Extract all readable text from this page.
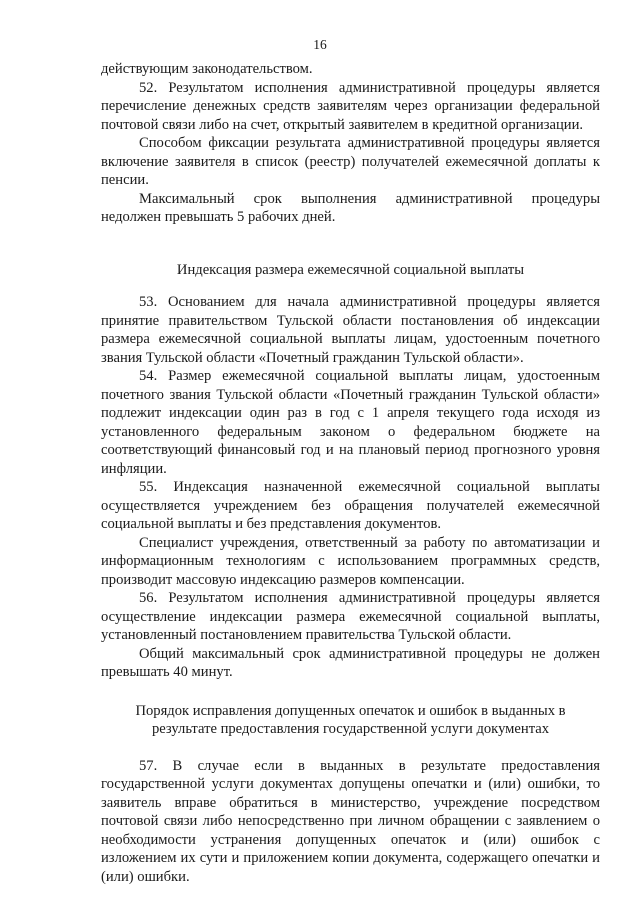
16

действующим законодательством.

52. Результатом исполнения административной процедуры является перечисление денежных средств заявителям через организации федеральной почтовой связи либо на счет, открытый заявителем в кредитной организации.

Способом фиксации результата административной процедуры является включение заявителя в список (реестр) получателей ежемесячной доплаты к пенсии.

Максимальный срок выполнения административной процедуры недолжен превышать 5 рабочих дней.

Индексация размера ежемесячной социальной выплаты

53. Основанием для начала административной процедуры является принятие правительством Тульской области постановления об индексации размера ежемесячной социальной выплаты лицам, удостоенным почетного звания Тульской области «Почетный гражданин Тульской области».

54. Размер ежемесячной социальной выплаты лицам, удостоенным почетного звания Тульской области «Почетный гражданин Тульской области» подлежит индексации один раз в год с 1 апреля текущего года исходя из установленного федеральным законом о федеральном бюджете на соответствующий финансовый год и на плановый период прогнозного уровня инфляции.

55. Индексация назначенной ежемесячной социальной выплаты осуществляется учреждением без обращения получателей ежемесячной социальной выплаты и без представления документов.

Специалист учреждения, ответственный за работу по автоматизации и информационным технологиям с использованием программных средств, производит массовую индексацию размеров компенсации.

56. Результатом исполнения административной процедуры является осуществление индексации размера ежемесячной социальной выплаты, установленный постановлением правительства Тульской области.

Общий максимальный срок административной процедуры не должен превышать 40 минут.

Порядок исправления допущенных опечаток и ошибок в выданных в результате предоставления государственной услуги документах

57. В случае если в выданных в результате предоставления государственной услуги документах допущены опечатки и (или) ошибки, то заявитель вправе обратиться в министерство, учреждение посредством почтовой связи либо непосредственно при личном обращении с заявлением о необходимости устранения допущенных опечаток и (или) ошибок с изложением их сути и приложением копии документа, содержащего опечатки и (или) ошибки.
